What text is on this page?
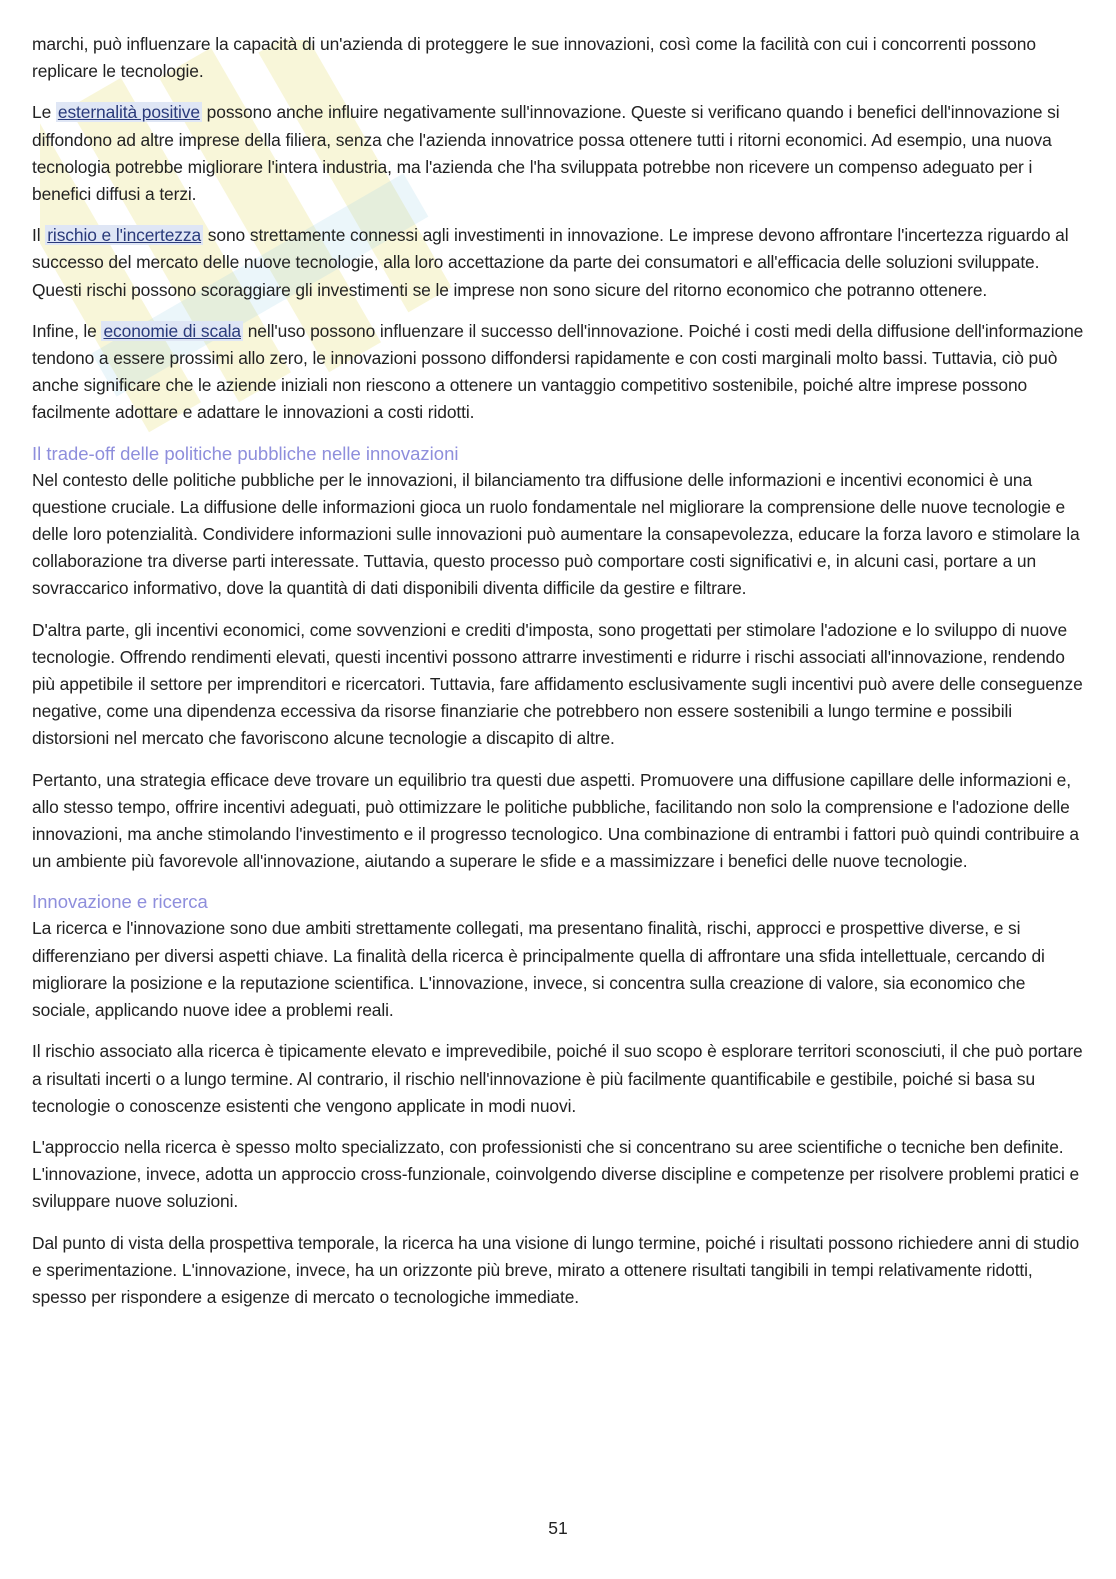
marchi, può influenzare la capacità di un'azienda di proteggere le sue innovazioni, così come la facilità con cui i concorrenti possono replicare le tecnologie.

Le esternalità positive possono anche influire negativamente sull'innovazione. Queste si verificano quando i benefici dell'innovazione si diffondono ad altre imprese della filiera, senza che l'azienda innovatrice possa ottenere tutti i ritorni economici. Ad esempio, una nuova tecnologia potrebbe migliorare l'intera industria, ma l'azienda che l'ha sviluppata potrebbe non ricevere un compenso adeguato per i benefici diffusi a terzi.

Il rischio e l'incertezza sono strettamente connessi agli investimenti in innovazione. Le imprese devono affrontare l'incertezza riguardo al successo del mercato delle nuove tecnologie, alla loro accettazione da parte dei consumatori e all'efficacia delle soluzioni sviluppate. Questi rischi possono scoraggiare gli investimenti se le imprese non sono sicure del ritorno economico che potranno ottenere.

Infine, le economie di scala nell'uso possono influenzare il successo dell'innovazione. Poiché i costi medi della diffusione dell'informazione tendono a essere prossimi allo zero, le innovazioni possono diffondersi rapidamente e con costi marginali molto bassi. Tuttavia, ciò può anche significare che le aziende iniziali non riescono a ottenere un vantaggio competitivo sostenibile, poiché altre imprese possono facilmente adottare e adattare le innovazioni a costi ridotti.

Il trade-off delle politiche pubbliche nelle innovazioni

Nel contesto delle politiche pubbliche per le innovazioni, il bilanciamento tra diffusione delle informazioni e incentivi economici è una questione cruciale. La diffusione delle informazioni gioca un ruolo fondamentale nel migliorare la comprensione delle nuove tecnologie e delle loro potenzialità. Condividere informazioni sulle innovazioni può aumentare la consapevolezza, educare la forza lavoro e stimolare la collaborazione tra diverse parti interessate. Tuttavia, questo processo può comportare costi significativi e, in alcuni casi, portare a un sovraccarico informativo, dove la quantità di dati disponibili diventa difficile da gestire e filtrare.

D'altra parte, gli incentivi economici, come sovvenzioni e crediti d'imposta, sono progettati per stimolare l'adozione e lo sviluppo di nuove tecnologie. Offrendo rendimenti elevati, questi incentivi possono attrarre investimenti e ridurre i rischi associati all'innovazione, rendendo più appetibile il settore per imprenditori e ricercatori. Tuttavia, fare affidamento esclusivamente sugli incentivi può avere delle conseguenze negative, come una dipendenza eccessiva da risorse finanziarie che potrebbero non essere sostenibili a lungo termine e possibili distorsioni nel mercato che favoriscono alcune tecnologie a discapito di altre.

Pertanto, una strategia efficace deve trovare un equilibrio tra questi due aspetti. Promuovere una diffusione capillare delle informazioni e, allo stesso tempo, offrire incentivi adeguati, può ottimizzare le politiche pubbliche, facilitando non solo la comprensione e l'adozione delle innovazioni, ma anche stimolando l'investimento e il progresso tecnologico. Una combinazione di entrambi i fattori può quindi contribuire a un ambiente più favorevole all'innovazione, aiutando a superare le sfide e a massimizzare i benefici delle nuove tecnologie.

Innovazione e ricerca

La ricerca e l'innovazione sono due ambiti strettamente collegati, ma presentano finalità, rischi, approcci e prospettive diverse, e si differenziano per diversi aspetti chiave. La finalità della ricerca è principalmente quella di affrontare una sfida intellettuale, cercando di migliorare la posizione e la reputazione scientifica. L'innovazione, invece, si concentra sulla creazione di valore, sia economico che sociale, applicando nuove idee a problemi reali.

Il rischio associato alla ricerca è tipicamente elevato e imprevedibile, poiché il suo scopo è esplorare territori sconosciuti, il che può portare a risultati incerti o a lungo termine. Al contrario, il rischio nell'innovazione è più facilmente quantificabile e gestibile, poiché si basa su tecnologie o conoscenze esistenti che vengono applicate in modi nuovi.

L'approccio nella ricerca è spesso molto specializzato, con professionisti che si concentrano su aree scientifiche o tecniche ben definite. L'innovazione, invece, adotta un approccio cross-funzionale, coinvolgendo diverse discipline e competenze per risolvere problemi pratici e sviluppare nuove soluzioni.

Dal punto di vista della prospettiva temporale, la ricerca ha una visione di lungo termine, poiché i risultati possono richiedere anni di studio e sperimentazione. L'innovazione, invece, ha un orizzonte più breve, mirato a ottenere risultati tangibili in tempi relativamente ridotti, spesso per rispondere a esigenze di mercato o tecnologiche immediate.

51
